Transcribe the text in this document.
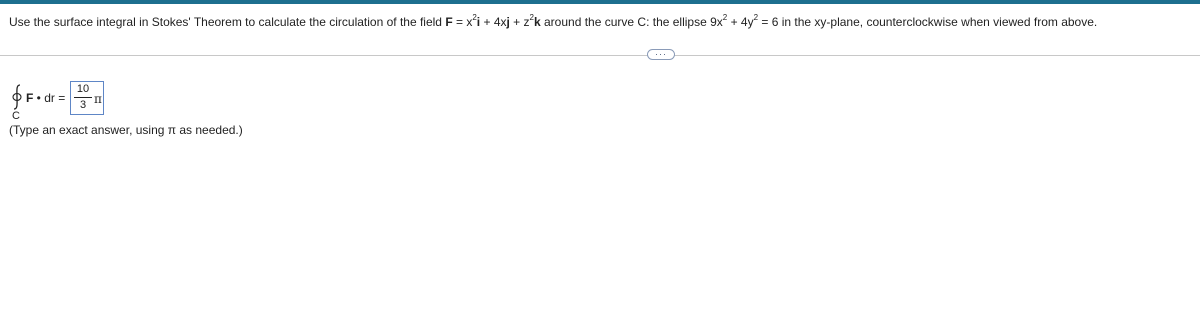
Use the surface integral in Stokes' Theorem to calculate the circulation of the field $F = x^2i + 4xj + z^2k$ around the curve C: the ellipse $9x^2 + 4y^2 = 6$ in the xy-plane, counterclockwise when viewed from above.
···
F • dr =
C
10
3 π
(Type an exact answer, using π as needed.)
